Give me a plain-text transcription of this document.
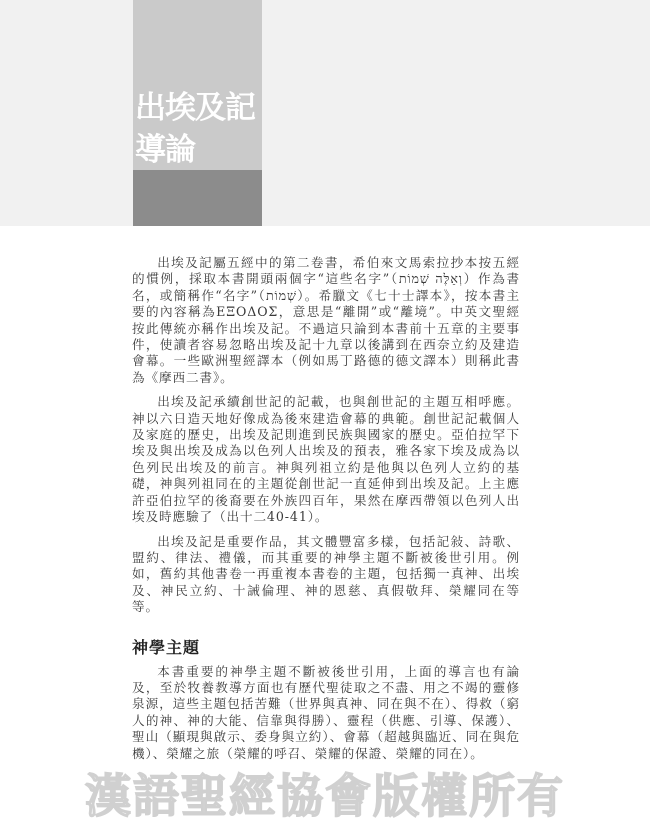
出埃及記
導論

出埃及記屬五經中的第二卷書，希伯來文馬索拉抄本按五經的慣例，採取本書開頭兩個字“這些名字”（וְאֵלֶּה שְׁמוֹת）作為書名，或簡稱作“名字”（שְׁמוֹת）。希臘文《七十士譯本》，按本書主要的內容稱為ΕΞΟΔΟΣ，意思是“離開”或“離境”。中英文聖經按此傳統亦稱作出埃及記。不過這只論到本書前十五章的主要事件，使讀者容易忽略出埃及記十九章以後講到在西奈立約及建造會幕。一些歐洲聖經譯本（例如馬丁路德的德文譯本）則稱此書為《摩西二書》。

出埃及記承續創世記的記載，也與創世記的主題互相呼應。神以六日造天地好像成為後來建造會幕的典範。創世記記載個人及家庭的歷史，出埃及記則進到民族與國家的歷史。亞伯拉罕下埃及與出埃及成為以色列人出埃及的預表，雅各家下埃及成為以色列民出埃及的前言。神與列祖立約是他與以色列人立約的基礎，神與列祖同在的主題從創世記一直延伸到出埃及記。上主應許亞伯拉罕的後裔要在外族四百年，果然在摩西帶領以色列人出埃及時應驗了（出十二40-41）。

出埃及記是重要作品，其文體豐富多樣，包括記敍、詩歌、盟約、律法、禮儀，而其重要的神學主題不斷被後世引用。例如，舊約其他書卷一再重複本書卷的主題，包括獨一真神、出埃及、神民立約、十誡倫理、神的恩慈、真假敬拜、榮耀同在等等。

神學主題

本書重要的神學主題不斷被後世引用，上面的導言也有論及，至於牧養教導方面也有歷代聖徒取之不盡、用之不竭的靈修泉源，這些主題包括苦難（世界與真神、同在與不在）、得救（窮人的神、神的大能、信靠與得勝）、靈程（供應、引導、保護）、聖山（顯現與啟示、委身與立約）、會幕（超越與臨近、同在與危機）、榮耀之旅（榮耀的呼召、榮耀的保證、榮耀的同在）。

漢語聖經協會版權所有
